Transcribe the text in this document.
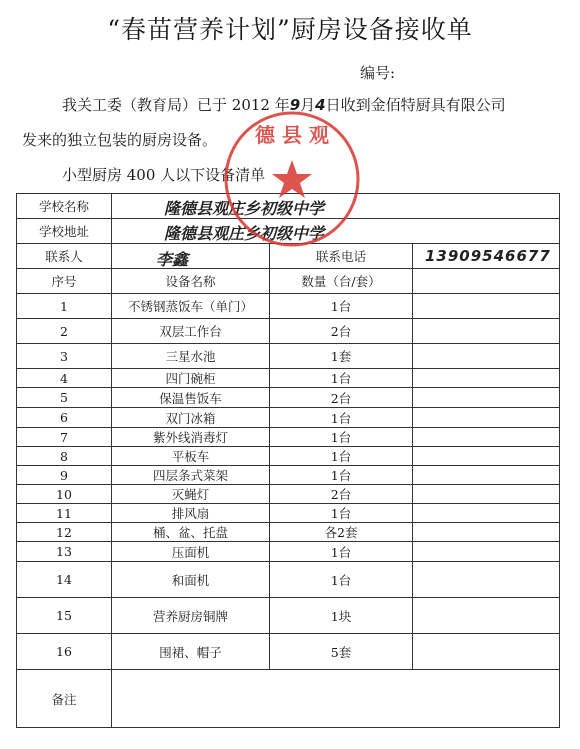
“春苗营养计划”厨房设备接收单
编号:
我关工委（教育局）已于 2012 年9月4日收到金佰特厨具有限公司
发来的独立包装的厨房设备。
小型厨房 400 人以下设备清单
学校名称	隆德县观庄乡初级中学		

学校地址	隆德县观庄乡初级中学		

联系人	李鑫	联系电话	13909546677

序号	设备名称	数量（台/套）	
1	不锈钢蒸饭车（单门）	1台	
2	双层工作台	2台	
3	三星水池	1套	
4	四门碗柜	1台	
5	保温售饭车	2台	
6	双门冰箱	1台	
7	紫外线消毒灯	1台	
8	平板车	1台	
9	四层条式菜架	1台	
10	灭蝇灯	2台	
11	排风扇	1台	
12	桶、盆、托盘	各2套	
13	压面机	1台	
14	和面机	1台	
15	营养厨房铜牌	1块	
16	围裙、帽子	5套	
备注			
德 县 观
